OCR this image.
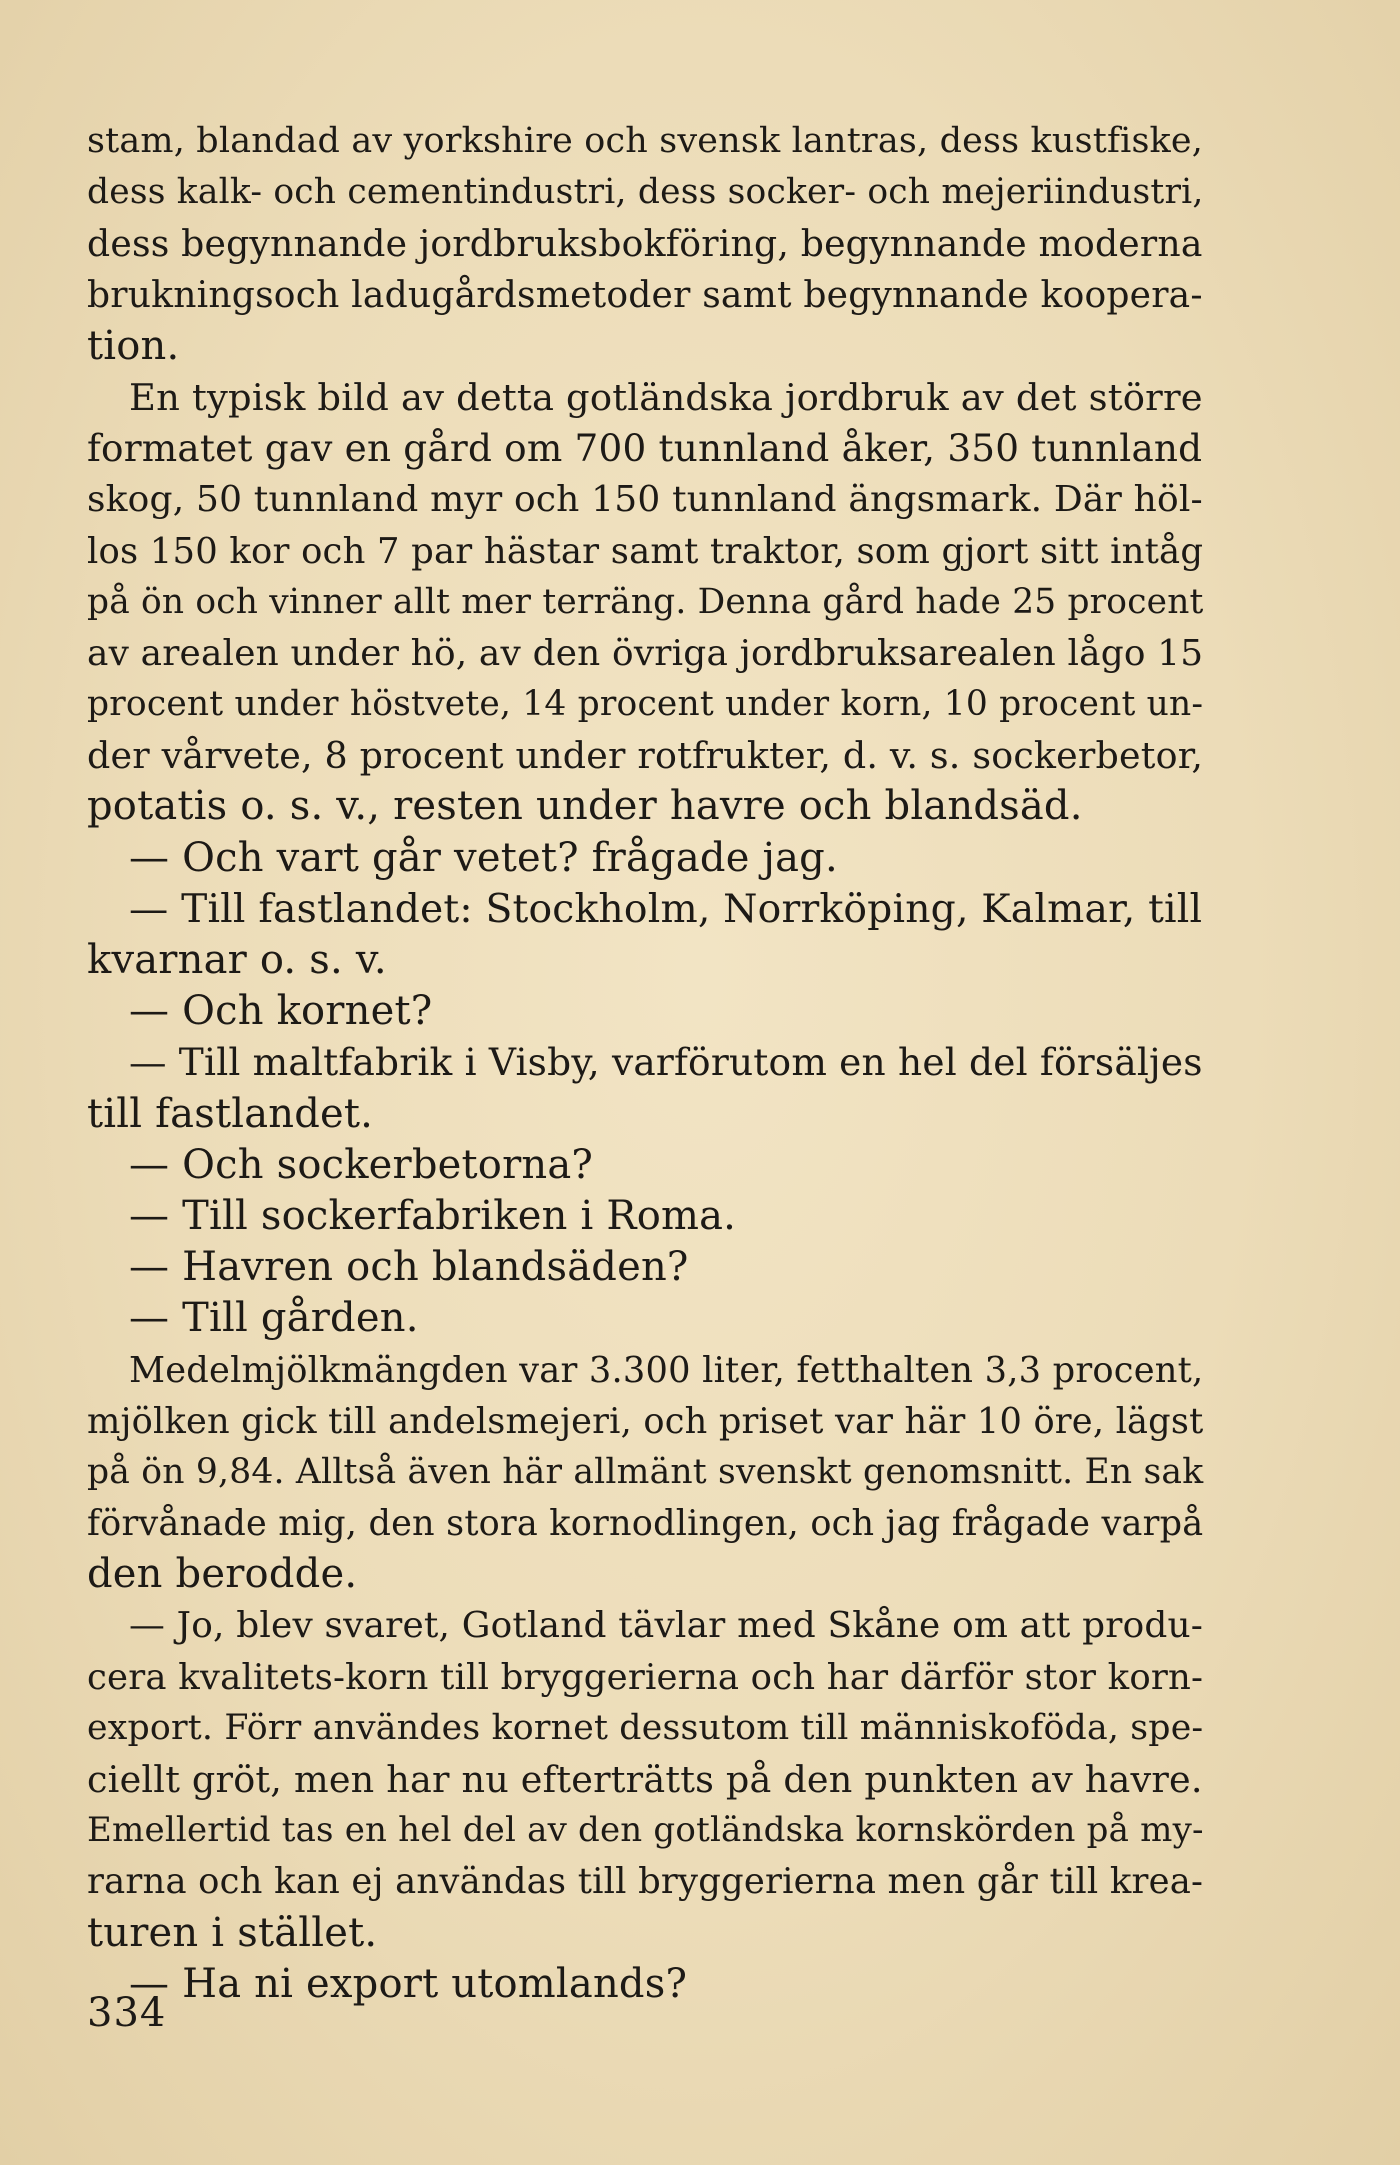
stam, blandad av yorkshire och svensk lantras, dess kustfiske,
dess kalk- och cementindustri, dess socker- och mejeriindustri,
dess begynnande jordbruksbokföring, begynnande moderna
brukningsoch ladugårdsmetoder samt begynnande koopera-
tion.
En typisk bild av detta gotländska jordbruk av det större
formatet gav en gård om 700 tunnland åker, 350 tunnland
skog, 50 tunnland myr och 150 tunnland ängsmark. Där höl-
los 150 kor och 7 par hästar samt traktor, som gjort sitt intåg
på ön och vinner allt mer terräng. Denna gård hade 25 procent
av arealen under hö, av den övriga jordbruksarealen lågo 15
procent under höstvete, 14 procent under korn, 10 procent un-
der vårvete, 8 procent under rotfrukter, d. v. s. sockerbetor,
potatis o. s. v., resten under havre och blandsäd.
— Och vart går vetet? frågade jag.
— Till fastlandet: Stockholm, Norrköping, Kalmar, till
kvarnar o. s. v.
— Och kornet?
— Till maltfabrik i Visby, varförutom en hel del försäljes
till fastlandet.
— Och sockerbetorna?
— Till sockerfabriken i Roma.
— Havren och blandsäden?
— Till gården.
Medelmjölkmängden var 3.300 liter, fetthalten 3,3 procent,
mjölken gick till andelsmejeri, och priset var här 10 öre, lägst
på ön 9,84. Alltså även här allmänt svenskt genomsnitt. En sak
förvånade mig, den stora kornodlingen, och jag frågade varpå
den berodde.
— Jo, blev svaret, Gotland tävlar med Skåne om att produ-
cera kvalitets-korn till bryggerierna och har därför stor korn-
export. Förr användes kornet dessutom till människoföda, spe-
ciellt gröt, men har nu efterträtts på den punkten av havre.
Emellertid tas en hel del av den gotländska kornskörden på my-
rarna och kan ej användas till bryggerierna men går till krea-
turen i stället.
— Ha ni export utomlands?
334
